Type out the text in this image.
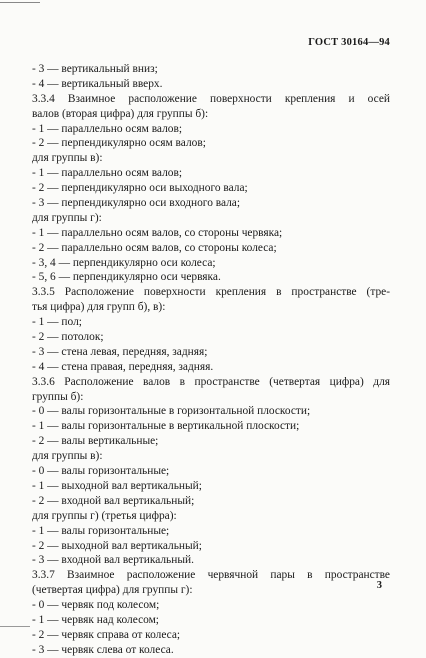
ГОСТ 30164—94
- 3 — вертикальный вниз;
- 4 — вертикальный вверх.
3.3.4 Взаимное расположение поверхности крепления и осей
валов (вторая цифра) для группы б):
- 1 — параллельно осям валов;
- 2 — перпендикулярно осям валов;
для группы в):
- 1 — параллельно осям валов;
- 2 — перпендикулярно оси выходного вала;
- 3 — перпендикулярно оси входного вала;
для группы г):
- 1 — параллельно осям валов, со стороны червяка;
- 2 — параллельно осям валов, со стороны колеса;
- 3, 4 — перпендикулярно оси колеса;
- 5, 6 — перпендикулярно оси червяка.
3.3.5 Расположение поверхности крепления в пространстве (тре-
тья цифра) для групп б), в):
- 1 — пол;
- 2 — потолок;
- 3 — стена левая, передняя, задняя;
- 4 — стена правая, передняя, задняя.
3.3.6 Расположение валов в пространстве (четвертая цифра) для
группы б):
- 0 — валы горизонтальные в горизонтальной плоскости;
- 1 — валы горизонтальные в вертикальной плоскости;
- 2 — валы вертикальные;
для группы в):
- 0 — валы горизонтальные;
- 1 — выходной вал вертикальный;
- 2 — входной вал вертикальный;
для группы г) (третья цифра):
- 1 — валы горизонтальные;
- 2 — выходной вал вертикальный;
- 3 — входной вал вертикальный.
3.3.7 Взаимное расположение червячной пары в пространстве
(четвертая цифра) для группы г):
- 0 — червяк под колесом;
- 1 — червяк над колесом;
- 2 — червяк справа от колеса;
- 3 — червяк слева от колеса.
3
